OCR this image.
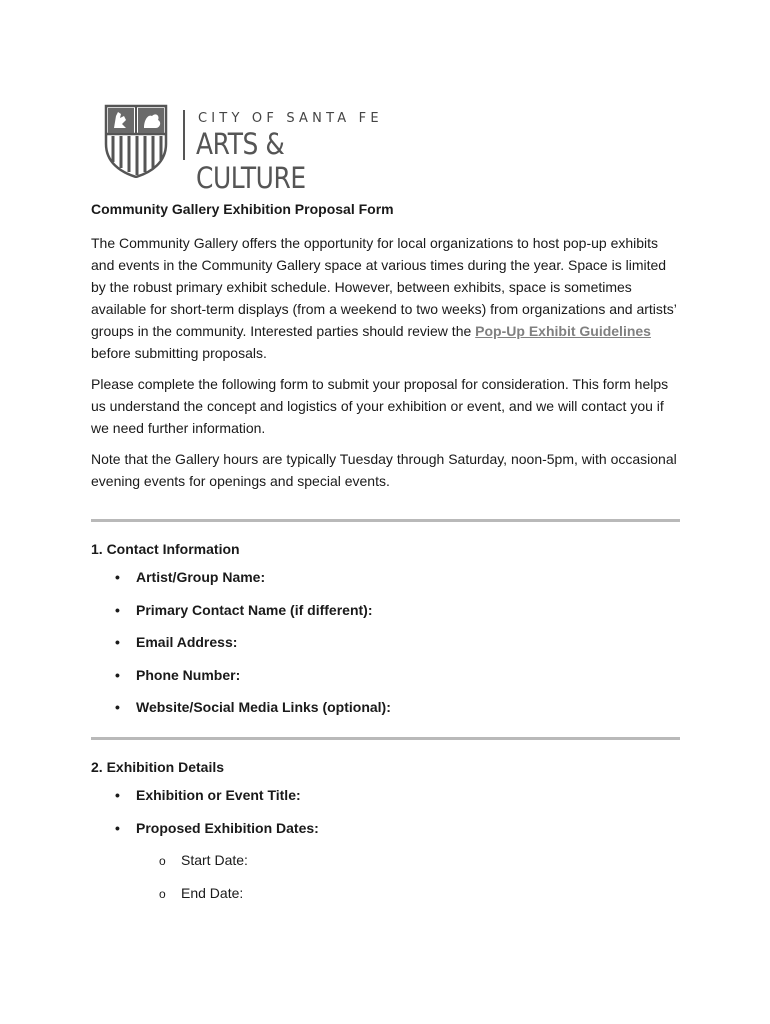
CITY OF SANTA FE
ARTS & CULTURE
Community Gallery Exhibition Proposal Form

The Community Gallery offers the opportunity for local organizations to host pop-up exhibits and events in the Community Gallery space at various times during the year. Space is limited by the robust primary exhibit schedule. However, between exhibits, space is sometimes available for short-term displays (from a weekend to two weeks) from organizations and artists’ groups in the community. Interested parties should review the Pop-Up Exhibit Guidelines before submitting proposals.

Please complete the following form to submit your proposal for consideration. This form helps us understand the concept and logistics of your exhibition or event, and we will contact you if we need further information.

Note that the Gallery hours are typically Tuesday through Saturday, noon-5pm, with occasional evening events for openings and special events.

1. Contact Information
• Artist/Group Name:
• Primary Contact Name (if different):
• Email Address:
• Phone Number:
• Website/Social Media Links (optional):
2. Exhibition Details
• Exhibition or Event Title:
• Proposed Exhibition Dates:
o Start Date:
o End Date:
